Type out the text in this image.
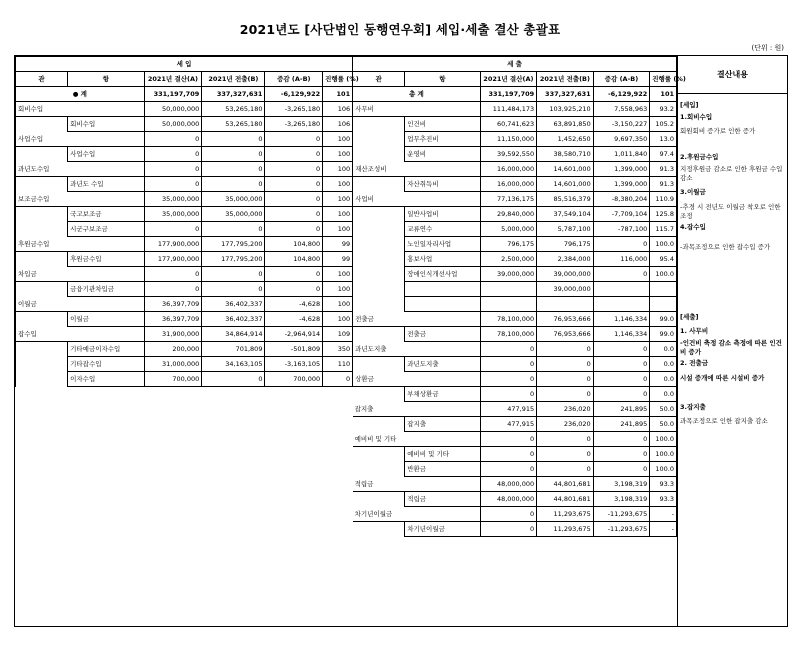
2021년도 [사단법인 동행연우회] 세입·세출 결산 총괄표
(단위 : 원)
세 입						세 출					
관	항	2021년 결산(A)	2021년 전출(B)	증감 (A-B)	진행률 (%)	관	항	2021년 결산(A)	2021년 전출(B)	증감 (A-B)	진행률 (%)
● 계		331,197,709	337,327,631	-6,129,922	101	총 계		331,197,709	337,327,631	-6,129,922	101
회비수입		50,000,000	53,265,180	-3,265,180	106	사무비		111,484,173	103,925,210	7,558,963	93.2
	회비수입	50,000,000	53,265,180	-3,265,180	106		인건비	60,741,623	63,891,850	-3,150,227	105.2
사업수입		0	0	0	100		업무추진비	11,150,000	1,452,650	9,697,350	13.0
	사업수입	0	0	0	100		운영비	39,592,550	38,580,710	1,011,840	97.4
과년도수입		0	0	0	100	재산조성비		16,000,000	14,601,000	1,399,000	91.3
	과년도 수입	0	0	0	100		자산취득비	16,000,000	14,601,000	1,399,000	91.3
보조금수입		35,000,000	35,000,000	0	100	사업비		77,136,175	85,516,379	-8,380,204	110.9
	국고보조금	35,000,000	35,000,000	0	100		일반사업비	29,840,000	37,549,104	-7,709,104	125.8
	시군구보조금	0	0	0	100		교류연수	5,000,000	5,787,100	-787,100	115.7
후원금수입		177,900,000	177,795,200	104,800	99		노인일자리사업	796,175	796,175	0	100.0
	후원금수입	177,900,000	177,795,200	104,800	99		홍보사업	2,500,000	2,384,000	116,000	95.4
차입금		0	0	0	100		장애인식개선사업	39,000,000	39,000,000	0	100.0
	금융기관차입금	0	0	0	100				39,000,000		
이월금		36,397,709	36,402,337	-4,628	100						
	이월금	36,397,709	36,402,337	-4,628	100	전출금		78,100,000	76,953,666	1,146,334	99.0
잡수입		31,900,000	34,864,914	-2,964,914	109		전출금	78,100,000	76,953,666	1,146,334	99.0
	기타예금이자수입	200,000	701,809	-501,809	350	과년도지출		0	0	0	0.0
	기타잡수입	31,000,000	34,163,105	-3,163,105	110		과년도지출	0	0	0	0.0
	이자수입	700,000	0	700,000	0	상환금		0	0	0	0.0
							부채상환금	0	0	0	0.0
						잡지출		477,915	236,020	241,895	50.0
							잡지출	477,915	236,020	241,895	50.0
						예비비 및 기타		0	0	0	100.0
							예비비 및 기타	0	0	0	100.0
							반환금	0	0	0	100.0
						적립금		48,000,000	44,801,681	3,198,319	93.3
							적립금	48,000,000	44,801,681	3,198,319	93.3
						차기년이월금		0	11,293,675	-11,293,675	-
							차기년이월금	0	11,293,675	-11,293,675	-
결산내용
[세입]
1.회비수입
회원회비 증가로 인한 증가
2.후원금수입
지정후원금 감소로 인한 후원금 수입 감소
3.이월금
-추경 시 전년도 이월금 착오로 인한 조정
4.잡수입
-과목조정으로 인한 잡수입 증가
[세출]
1. 사무비
-인건비 축정 감소 측정에 따른 인건비 증가
2. 전출금
시설 증개에 따른 시설비 증가
3.잡지출
과목조정으로 인한 잡지출 감소
